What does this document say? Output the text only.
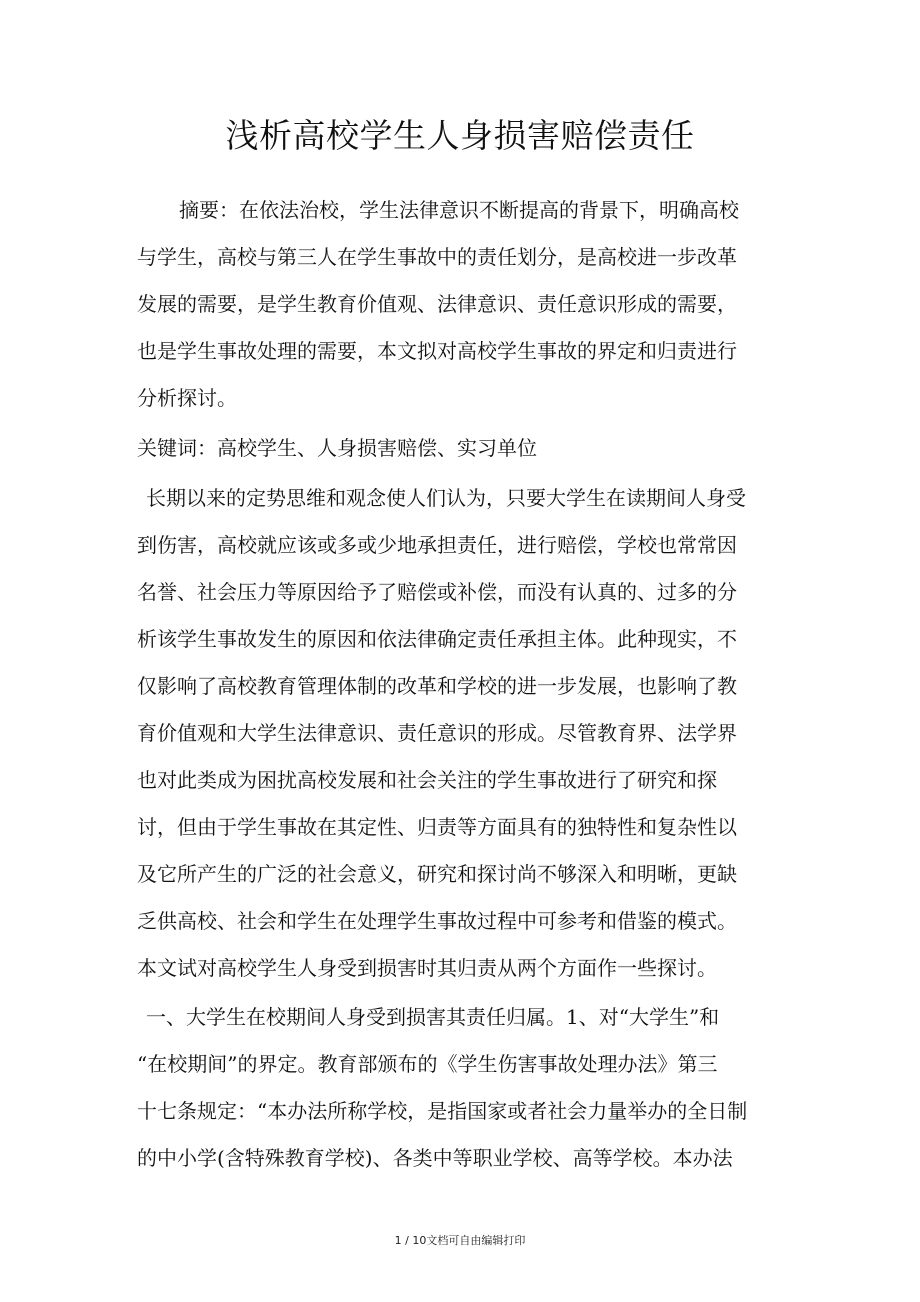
浅析高校学生人身损害赔偿责任
摘要：在依法治校，学生法律意识不断提高的背景下，明确高校
与学生，高校与第三人在学生事故中的责任划分，是高校进一步改革
发展的需要，是学生教育价值观、法律意识、责任意识形成的需要，
也是学生事故处理的需要，本文拟对高校学生事故的界定和归责进行
分析探讨。
关键词：高校学生、人身损害赔偿、实习单位
长期以来的定势思维和观念使人们认为，只要大学生在读期间人身受
到伤害，高校就应该或多或少地承担责任，进行赔偿，学校也常常因
名誉、社会压力等原因给予了赔偿或补偿，而没有认真的、过多的分
析该学生事故发生的原因和依法律确定责任承担主体。此种现实，不
仅影响了高校教育管理体制的改革和学校的进一步发展，也影响了教
育价值观和大学生法律意识、责任意识的形成。尽管教育界、法学界
也对此类成为困扰高校发展和社会关注的学生事故进行了研究和探
讨，但由于学生事故在其定性、归责等方面具有的独特性和复杂性以
及它所产生的广泛的社会意义，研究和探讨尚不够深入和明晰，更缺
乏供高校、社会和学生在处理学生事故过程中可参考和借鉴的模式。
本文试对高校学生人身受到损害时其归责从两个方面作一些探讨。
一、大学生在校期间人身受到损害其责任归属。1、对“大学生”和
“在校期间”的界定。教育部颁布的《学生伤害事故处理办法》第三
十七条规定：“本办法所称学校，是指国家或者社会力量举办的全日制
的中小学(含特殊教育学校)、各类中等职业学校、高等学校。本办法
1 / 10文档可自由编辑打印
